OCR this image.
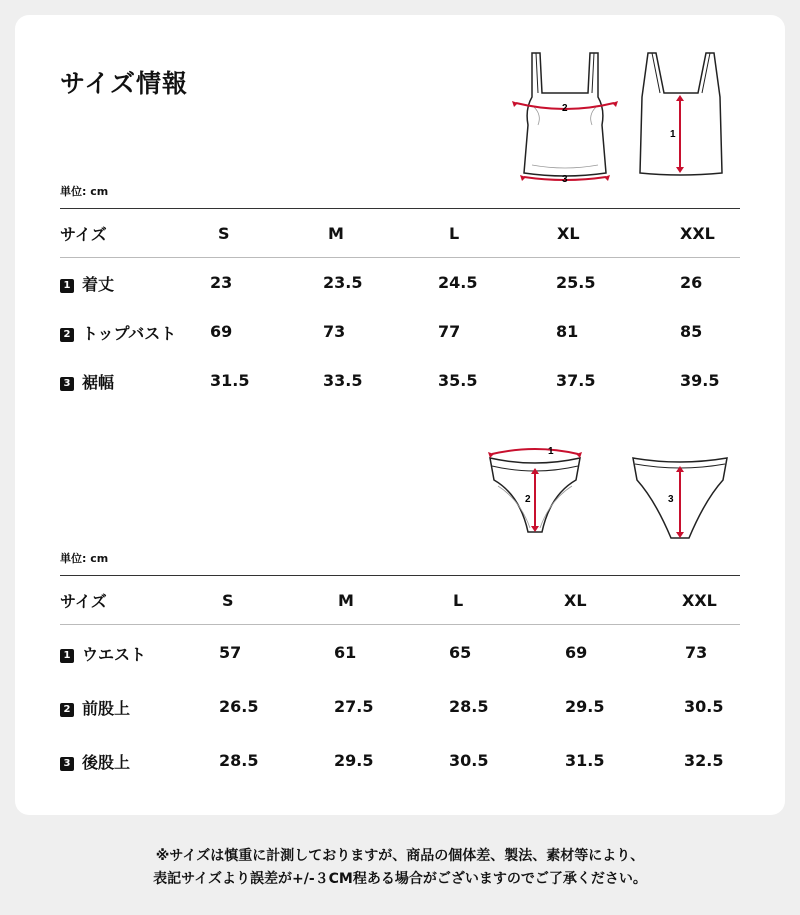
サイズ情報
2
3
1
単位: cm
サイズ	S	M	L	XL	XXL
1 着丈	23	23.5	24.5	25.5	26
2 トップバスト 69	73	77	81	85
3 裾幅	31.5	33.5	35.5	37.5	39.5
1
2	3
単位: cm
サイズ	S	M	L	XL	XXL
1 ウエスト	57	61	65	69	73
2 前股上	26.5	27.5	28.5	29.5	30.5
3 後股上	28.5	29.5	30.5	31.5	32.5
※サイズは慎重に計測しておりますが、商品の個体差、製法、素材等により、
表記サイズより誤差が+/-３CM程ある場合がございますのでご了承ください。
